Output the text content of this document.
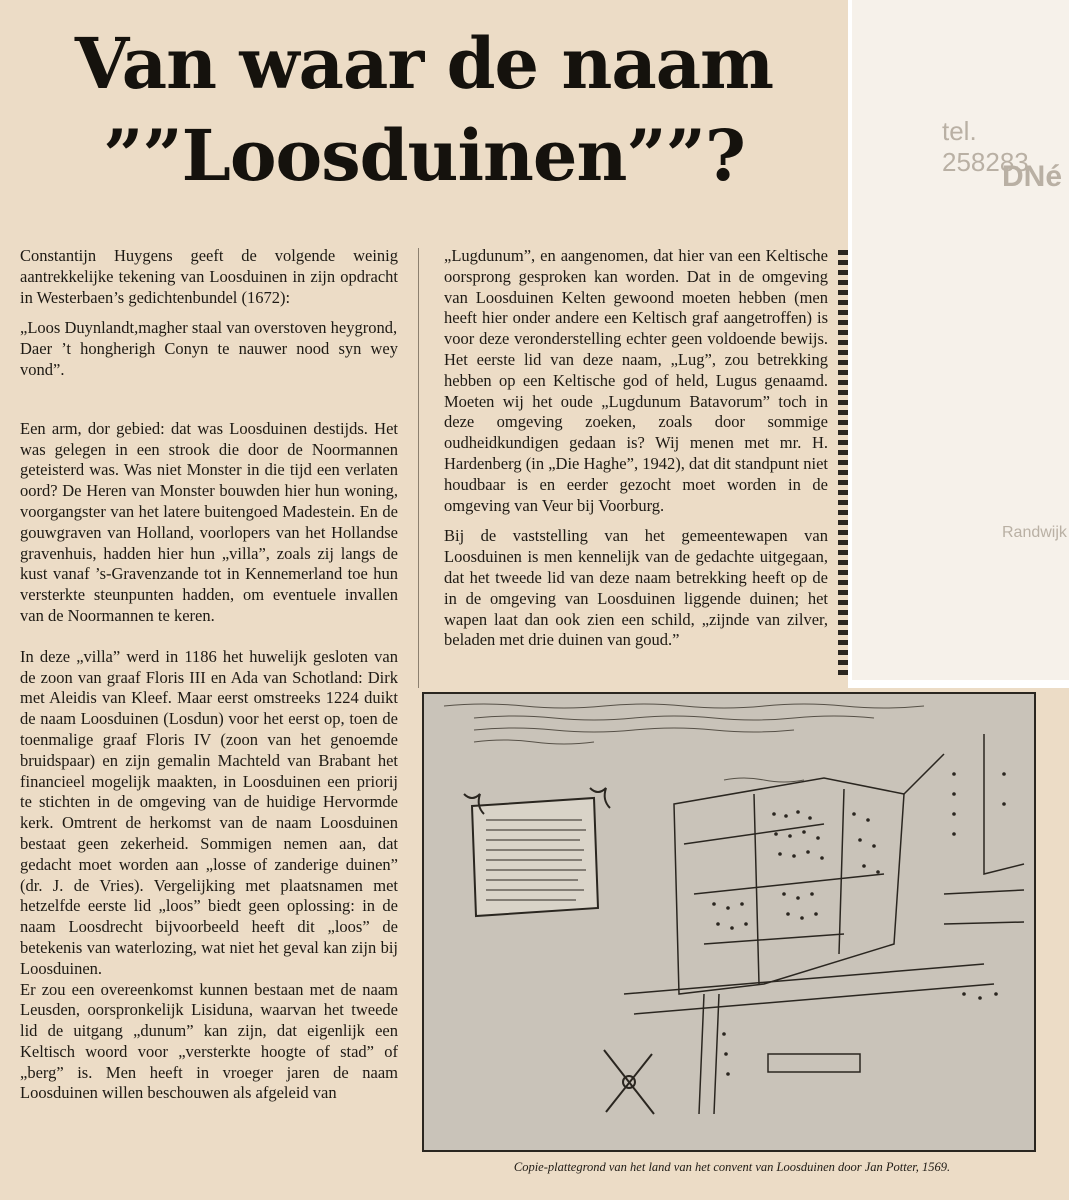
tel. 258283
DNé
Randwijk
Van waar de naam
””Loosduinen””?

Constantijn Huygens geeft de volgende weinig aantrekkelijke tekening van Loosduinen in zijn opdracht in Westerbaen’s gedichtenbundel (1672):

„Loos Duynlandt,magher staal van overstoven heygrond,
Daer ’t hongherigh Conyn te nauwer nood syn wey vond”.

Een arm, dor gebied: dat was Loosduinen destijds. Het was gelegen in een strook die door de Noormannen geteisterd was. Was niet Monster in die tijd een verlaten oord? De Heren van Monster bouwden hier hun woning, voorgangster van het latere buitengoed Madestein. En de gouwgraven van Holland, voorlopers van het Hollandse gravenhuis, hadden hier hun „villa”, zoals zij langs de kust vanaf ’s-Gravenzande tot in Kennemerland toe hun versterkte steunpunten hadden, om eventuele invallen van de Noormannen te keren.

In deze „villa” werd in 1186 het huwelijk gesloten van de zoon van graaf Floris III en Ada van Schotland: Dirk met Aleidis van Kleef. Maar eerst omstreeks 1224 duikt de naam Loosduinen (Losdun) voor het eerst op, toen de toenmalige graaf Floris IV (zoon van het genoemde bruidspaar) en zijn gemalin Machteld van Brabant het financieel mogelijk maakten, in Loosduinen een priorij te stichten in de omgeving van de huidige Hervormde kerk. Omtrent de herkomst van de naam Loosduinen bestaat geen zekerheid. Sommigen nemen aan, dat gedacht moet worden aan „losse of zanderige duinen” (dr. J. de Vries). Vergelijking met plaatsnamen met hetzelfde eerste lid „loos” biedt geen oplossing: in de naam Loosdrecht bijvoorbeeld heeft dit „loos” de betekenis van waterlozing, wat niet het geval kan zijn bij Loosduinen.

Er zou een overeenkomst kunnen bestaan met de naam Leusden, oorspronkelijk Lisiduna, waarvan het tweede lid de uitgang „dunum” kan zijn, dat eigenlijk een Keltisch woord voor „versterkte hoogte of stad” of „berg” is. Men heeft in vroeger jaren de naam Loosduinen willen beschouwen als afgeleid van

„Lugdunum”, en aangenomen, dat hier van een Keltische oorsprong gesproken kan worden. Dat in de omgeving van Loosduinen Kelten gewoond moeten hebben (men heeft hier onder andere een Keltisch graf aangetroffen) is voor deze veronderstelling echter geen voldoende bewijs. Het eerste lid van deze naam, „Lug”, zou betrekking hebben op een Keltische god of held, Lugus genaamd. Moeten wij het oude „Lugdunum Batavorum” toch in deze omgeving zoeken, zoals door sommige oudheidkundigen gedaan is? Wij menen met mr. H. Hardenberg (in „Die Haghe”, 1942), dat dit standpunt niet houdbaar is en eerder gezocht moet worden in de omgeving van Veur bij Voorburg.

Bij de vaststelling van het gemeentewapen van Loosduinen is men kennelijk van de gedachte uitgegaan, dat het tweede lid van deze naam betrekking heeft op de in de omgeving van Loosduinen liggende duinen; het wapen laat dan ook zien een schild, „zijnde van zilver, beladen met drie duinen van goud.”

Copie-plattegrond van het land van het convent van Loosduinen door Jan Potter, 1569.
